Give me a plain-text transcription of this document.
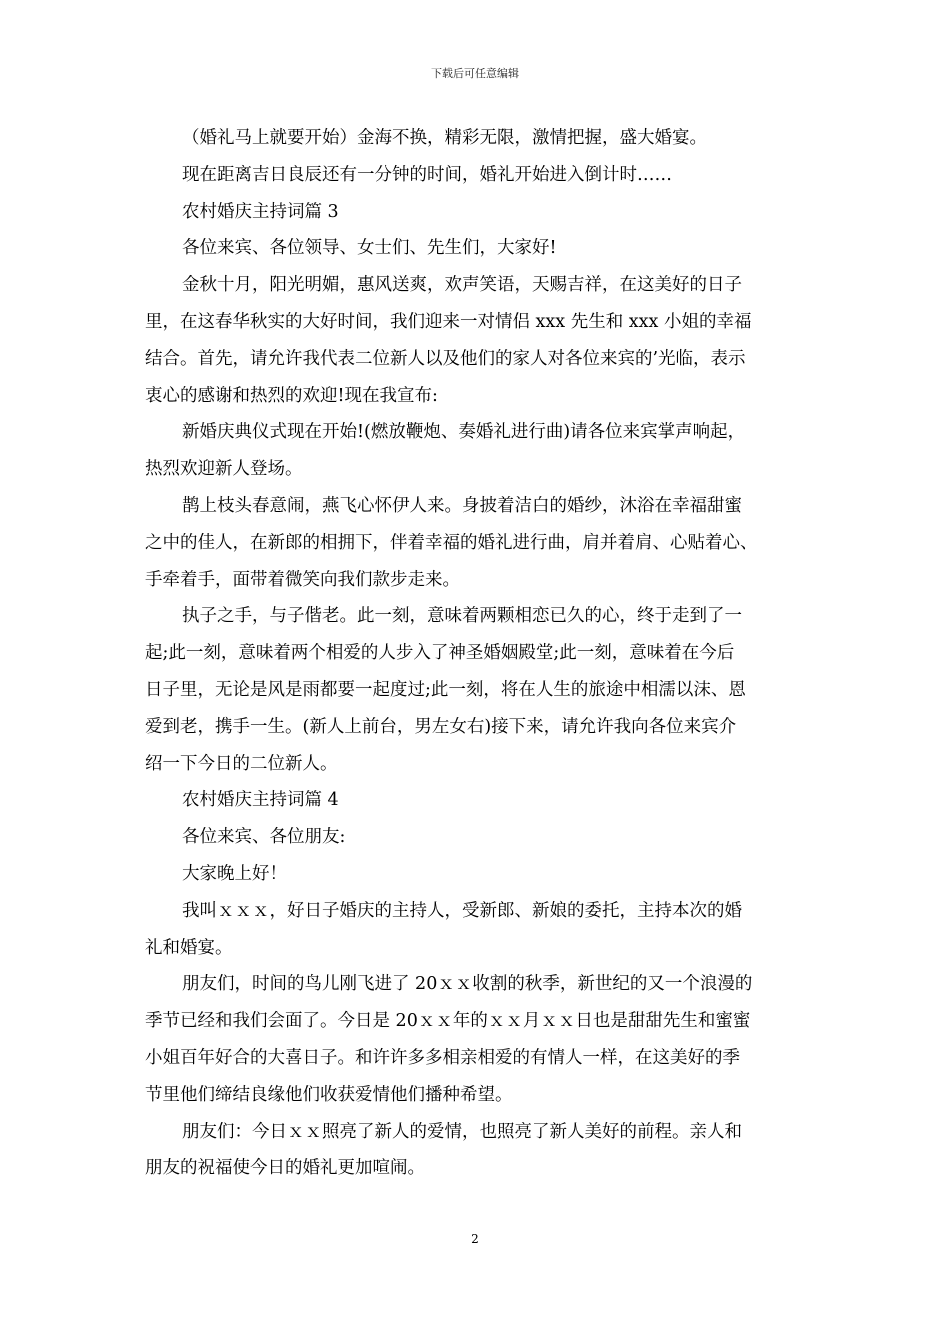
下载后可任意编辑
（婚礼马上就要开始）金海不换，精彩无限，激情把握，盛大婚宴。
现在距离吉日良辰还有一分钟的时间，婚礼开始进入倒计时……
农村婚庆主持词篇 3
各位来宾、各位领导、女士们、先生们，大家好!
金秋十月，阳光明媚，惠风送爽，欢声笑语，天赐吉祥，在这美好的日子
里，在这春华秋实的大好时间，我们迎来一对情侣 xxx 先生和 xxx 小姐的幸福
结合。首先，请允许我代表二位新人以及他们的家人对各位来宾的’光临，表示
衷心的感谢和热烈的欢迎!现在我宣布:
新婚庆典仪式现在开始!(燃放鞭炮、奏婚礼进行曲)请各位来宾掌声响起，
热烈欢迎新人登场。
鹊上枝头春意闹，燕飞心怀伊人来。身披着洁白的婚纱，沐浴在幸福甜蜜
之中的佳人，在新郎的相拥下，伴着幸福的婚礼进行曲，肩并着肩、心贴着心、
手牵着手，面带着微笑向我们款步走来。
执子之手，与子偕老。此一刻，意味着两颗相恋已久的心，终于走到了一
起;此一刻，意味着两个相爱的人步入了神圣婚姻殿堂;此一刻，意味着在今后
日子里，无论是风是雨都要一起度过;此一刻，将在人生的旅途中相濡以沫、恩
爱到老，携手一生。(新人上前台，男左女右)接下来，请允许我向各位来宾介
绍一下今日的二位新人。
农村婚庆主持词篇 4
各位来宾、各位朋友:
大家晚上好！
我叫ｘｘｘ，好日子婚庆的主持人，受新郎、新娘的委托，主持本次的婚
礼和婚宴。
朋友们，时间的鸟儿刚飞进了 20ｘｘ收割的秋季，新世纪的又一个浪漫的
季节已经和我们会面了。今日是 20ｘｘ年的ｘｘ月ｘｘ日也是甜甜先生和蜜蜜
小姐百年好合的大喜日子。和许许多多相亲相爱的有情人一样，在这美好的季
节里他们缔结良缘他们收获爱情他们播种希望。
朋友们：今日ｘｘ照亮了新人的爱情，也照亮了新人美好的前程。亲人和
朋友的祝福使今日的婚礼更加喧闹。
2
